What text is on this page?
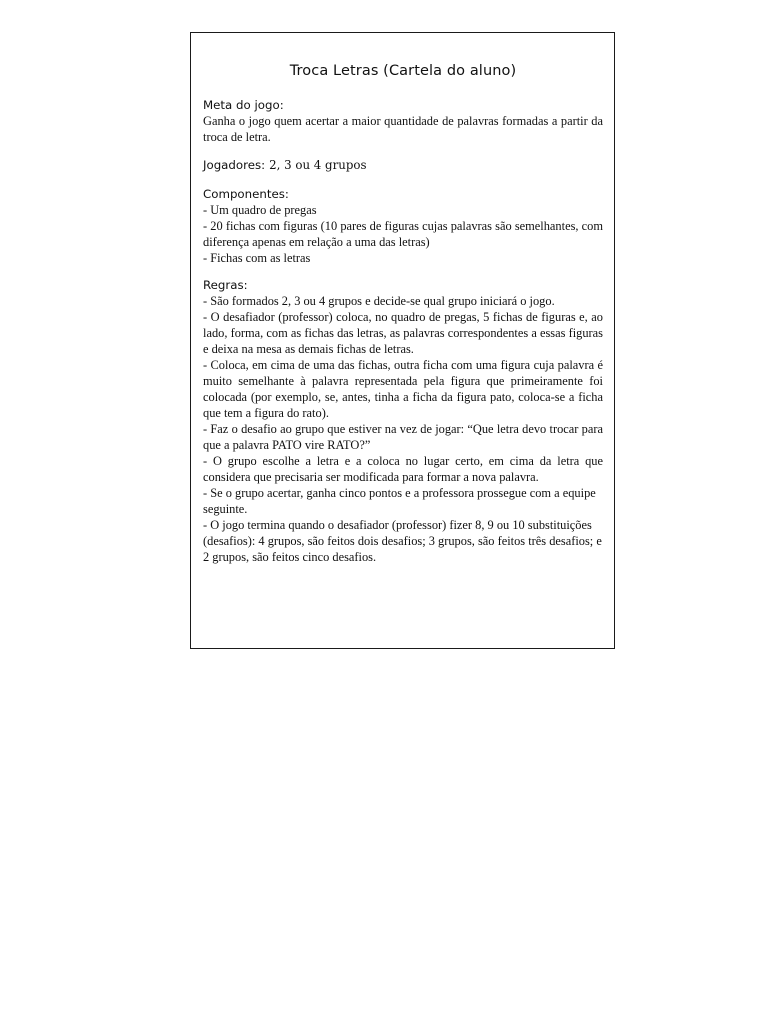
Troca Letras (Cartela do aluno)
Meta do jogo:

Ganha o jogo quem acertar a maior quantidade de palavras formadas a partir da troca de letra.

Jogadores: 2, 3 ou 4 grupos
Componentes:

- Um quadro de pregas

- 20 fichas com figuras (10 pares de figuras cujas palavras são semelhantes, com diferença apenas em relação a uma das letras)

- Fichas com as letras

Regras:

- São formados 2, 3 ou 4 grupos e decide-se qual grupo iniciará o jogo.

- O desafiador (professor) coloca, no quadro de pregas, 5 fichas de figuras e, ao lado, forma, com as fichas das letras, as palavras correspondentes a essas figuras e deixa na mesa as demais fichas de letras.

- Coloca, em cima de uma das fichas, outra ficha com uma figura cuja palavra é muito semelhante à palavra representada pela figura que primeiramente foi colocada (por exemplo, se, antes, tinha a ficha da figura pato, coloca-se a ficha que tem a figura do rato).

- Faz o desafio ao grupo que estiver na vez de jogar: “Que letra devo trocar para que a palavra PATO vire RATO?”

- O grupo escolhe a letra e a coloca no lugar certo, em cima da letra que considera que precisaria ser modificada para formar a nova palavra.

- Se o grupo acertar, ganha cinco pontos e a professora prossegue com a equipe seguinte.

- O jogo termina quando o desafiador (professor) fizer 8, 9 ou 10 substituições (desafios): 4 grupos, são feitos dois desafios; 3 grupos, são feitos três desafios; e 2 grupos, são feitos cinco desafios.
